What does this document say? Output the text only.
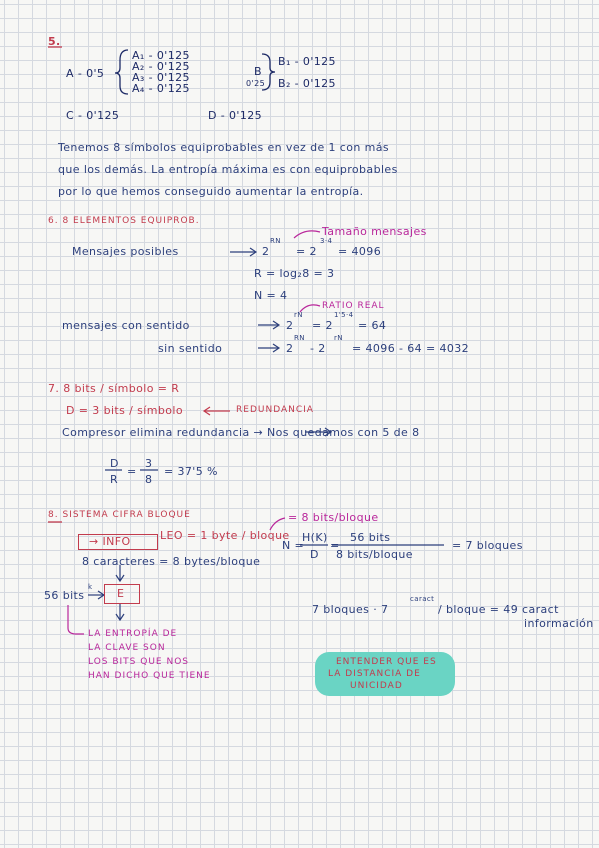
5.
A - 0'5
A₁ - 0'125
A₂ - 0'125
A₃ - 0'125
A₄ - 0'125
B
0'25
B₁ - 0'125
B₂ - 0'125
C - 0'125	D - 0'125
Tenemos 8 símbolos equiprobables en vez de 1 con más
que los demás. La entropía máxima es con equiprobables
por lo que hemos conseguido aumentar la entropía.
6. 8 ELEMENTOS EQUIPROB.
Tamaño mensajes
Mensajes posibles	2
RN
= 2
3·4
= 4096
R = log₂8 = 3
N = 4
RATIO REAL
mensajes con sentido	2
rN
= 2
1'5·4
= 64
sin sentido	2
RN
- 2
rN
= 4096 - 64 = 4032
7. 8 bits / símbolo = R
D = 3 bits / símbolo	REDUNDANCIA
Compresor elimina redundancia → Nos quedamos con 5 de 8
D
R
=
3
8
= 37'5 %
8. SISTEMA CIFRA BLOQUE	= 8 bits/bloque
→ INFO	LEO = 1 byte / bloque
N =
H(K)
D
=
56 bits
8 bits/bloque
= 7 bloques
8 caracteres = 8 bytes/bloque
56 bits
k E
LA ENTROPÍA DE
LA CLAVE SON
LOS BITS QUE NOS
HAN DICHO QUE TIENE
7 bloques · 7
caract
/ bloque = 49 caract
información
ENTENDER QUE ES
LA DISTANCIA DE
UNICIDAD
